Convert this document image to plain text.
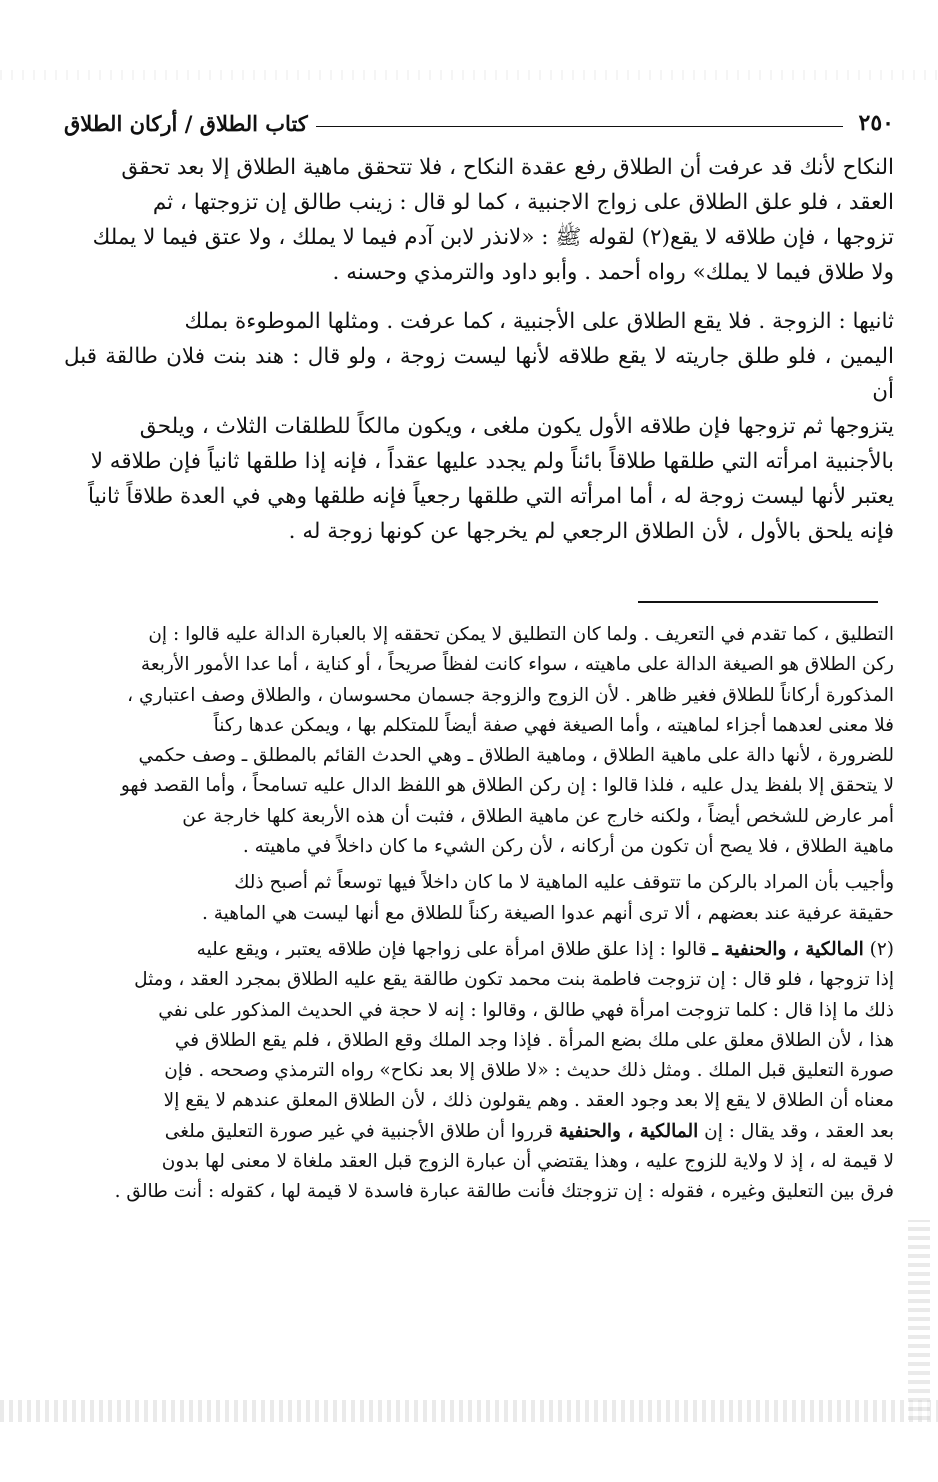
٢٥٠
كتاب الطلاق / أركان الطلاق

النكاح لأنك قد عرفت أن الطلاق رفع عقدة النكاح ، فلا تتحقق ماهية الطلاق إلا بعد تحقق

العقد ، فلو علق الطلاق على زواج الاجنبية ، كما لو قال : زينب طالق إن تزوجتها ، ثم

تزوجها ، فإن طلاقه لا يقع(٢) لقوله ﷺ : «لانذر لابن آدم فيما لا يملك ، ولا عتق فيما لا يملك

ولا طلاق فيما لا يملك» رواه أحمد . وأبو داود والترمذي وحسنه .

ثانيها : الزوجة . فلا يقع الطلاق على الأجنبية ، كما عرفت . ومثلها الموطوءة بملك

اليمين ، فلو طلق جاريته لا يقع طلاقه لأنها ليست زوجة ، ولو قال : هند بنت فلان طالقة قبل أن

يتزوجها ثم تزوجها فإن طلاقه الأول يكون ملغى ، ويكون مالكاً للطلقات الثلاث ، ويلحق

بالأجنبية امرأته التي طلقها طلاقاً بائناً ولم يجدد عليها عقداً ، فإنه إذا طلقها ثانياً فإن طلاقه لا

يعتبر لأنها ليست زوجة له ، أما امرأته التي طلقها رجعياً فإنه طلقها وهي في العدة طلاقاً ثانياً

فإنه يلحق بالأول ، لأن الطلاق الرجعي لم يخرجها عن كونها زوجة له .

التطليق ، كما تقدم في التعريف . ولما كان التطليق لا يمكن تحققه إلا بالعبارة الدالة عليه قالوا : إن

ركن الطلاق هو الصيغة الدالة على ماهيته ، سواء كانت لفظاً صريحاً ، أو كناية ، أما عدا الأمور الأربعة

المذكورة أركاناً للطلاق فغير ظاهر . لأن الزوج والزوجة جسمان محسوسان ، والطلاق وصف اعتباري ،

فلا معنى لعدهما أجزاء لماهيته ، وأما الصيغة فهي صفة أيضاً للمتكلم بها ، ويمكن عدها ركناً

للضرورة ، لأنها دالة على ماهية الطلاق ، وماهية الطلاق ـ وهي الحدث القائم بالمطلق ـ وصف حكمي

لا يتحقق إلا بلفظ يدل عليه ، فلذا قالوا : إن ركن الطلاق هو اللفظ الدال عليه تسامحاً ، وأما القصد فهو

أمر عارض للشخص أيضاً ، ولكنه خارج عن ماهية الطلاق ، فثبت أن هذه الأربعة كلها خارجة عن

ماهية الطلاق ، فلا يصح أن تكون من أركانه ، لأن ركن الشيء ما كان داخلاً في ماهيته .

وأجيب بأن المراد بالركن ما تتوقف عليه الماهية لا ما كان داخلاً فيها توسعاً ثم أصبح ذلك

حقيقة عرفية عند بعضهم ، ألا ترى أنهم عدوا الصيغة ركناً للطلاق مع أنها ليست هي الماهية .

(٢) المالكية ، والحنفية ـ قالوا : إذا علق طلاق امرأة على زواجها فإن طلاقه يعتبر ، ويقع عليه

إذا تزوجها ، فلو قال : إن تزوجت فاطمة بنت محمد تكون طالقة يقع عليه الطلاق بمجرد العقد ، ومثل

ذلك ما إذا قال : كلما تزوجت امرأة فهي طالق ، وقالوا : إنه لا حجة في الحديث المذكور على نفي

هذا ، لأن الطلاق معلق على ملك بضع المرأة . فإذا وجد الملك وقع الطلاق ، فلم يقع الطلاق في

صورة التعليق قبل الملك . ومثل ذلك حديث : «لا طلاق إلا بعد نكاح» رواه الترمذي وصححه . فإن

معناه أن الطلاق لا يقع إلا بعد وجود العقد . وهم يقولون ذلك ، لأن الطلاق المعلق عندهم لا يقع إلا

بعد العقد ، وقد يقال : إن المالكية ، والحنفية قرروا أن طلاق الأجنبية في غير صورة التعليق ملغى

لا قيمة له ، إذ لا ولاية للزوج عليه ، وهذا يقتضي أن عبارة الزوج قبل العقد ملغاة لا معنى لها بدون

فرق بين التعليق وغيره ، فقوله : إن تزوجتك فأنت طالقة عبارة فاسدة لا قيمة لها ، كقوله : أنت طالق .
